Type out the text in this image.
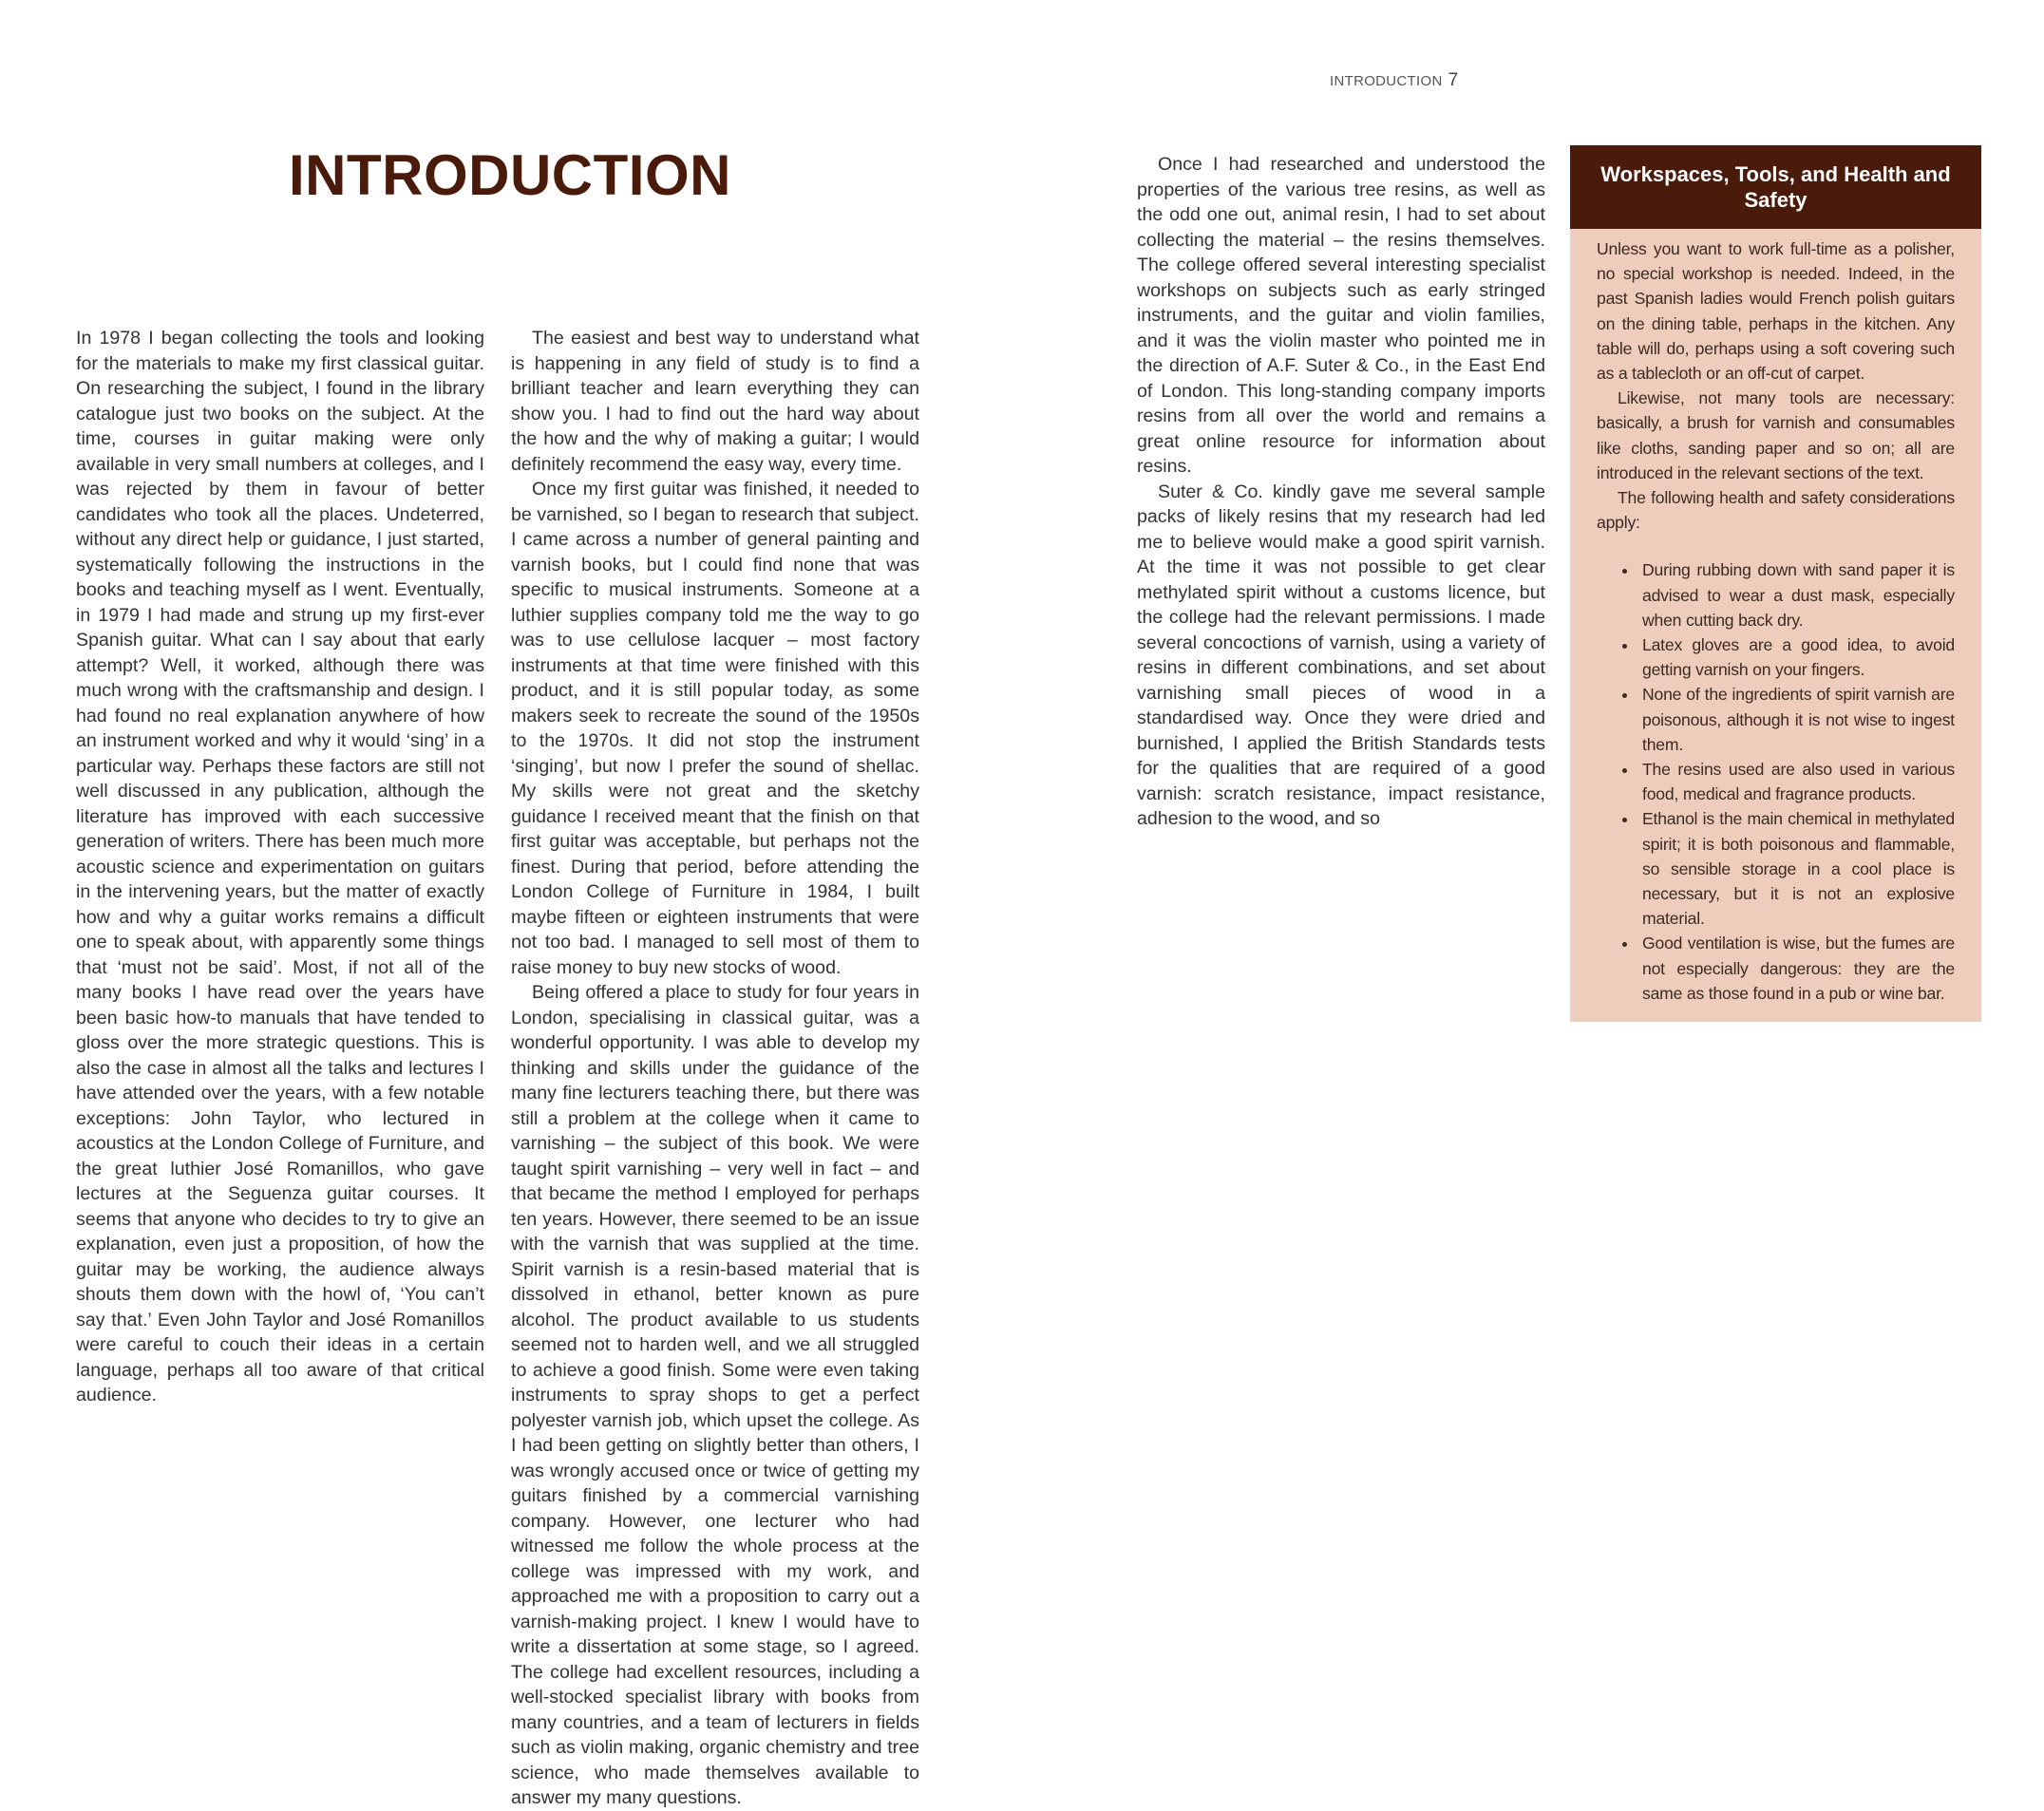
INTRODUCTION 7
INTRODUCTION

In 1978 I began collecting the tools and looking for the materials to make my first classical guitar. On researching the subject, I found in the library catalogue just two books on the subject. At the time, courses in guitar making were only available in very small numbers at colleges, and I was rejected by them in favour of better candidates who took all the places. Undeterred, without any direct help or guidance, I just started, systematically following the instructions in the books and teaching myself as I went. Eventually, in 1979 I had made and strung up my first-ever Spanish guitar. What can I say about that early attempt? Well, it worked, although there was much wrong with the craftsmanship and design. I had found no real explanation anywhere of how an instrument worked and why it would ‘sing’ in a particular way. Perhaps these factors are still not well discussed in any publication, although the literature has improved with each successive generation of writers. There has been much more acoustic science and experimentation on guitars in the intervening years, but the matter of exactly how and why a guitar works remains a difficult one to speak about, with apparently some things that ‘must not be said’. Most, if not all of the many books I have read over the years have been basic how-to manuals that have tended to gloss over the more strategic questions. This is also the case in almost all the talks and lectures I have attended over the years, with a few notable exceptions: John Taylor, who lectured in acoustics at the London College of Furniture, and the great luthier José Romanillos, who gave lectures at the Seguenza guitar courses. It seems that anyone who decides to try to give an explanation, even just a proposition, of how the guitar may be working, the audience always shouts them down with the howl of, ‘You can’t say that.’ Even John Taylor and José Romanillos were careful to couch their ideas in a certain language, perhaps all too aware of that critical audience.

The easiest and best way to understand what is happening in any field of study is to find a brilliant teacher and learn everything they can show you. I had to find out the hard way about the how and the why of making a guitar; I would definitely recommend the easy way, every time.

Once my first guitar was finished, it needed to be varnished, so I began to research that subject. I came across a number of general painting and varnish books, but I could find none that was specific to musical instruments. Someone at a luthier supplies company told me the way to go was to use cellulose lacquer – most factory instruments at that time were finished with this product, and it is still popular today, as some makers seek to recreate the sound of the 1950s to the 1970s. It did not stop the instrument ‘singing’, but now I prefer the sound of shellac. My skills were not great and the sketchy guidance I received meant that the finish on that first guitar was acceptable, but perhaps not the finest. During that period, before attending the London College of Furniture in 1984, I built maybe fifteen or eighteen instruments that were not too bad. I managed to sell most of them to raise money to buy new stocks of wood.

Being offered a place to study for four years in London, specialising in classical guitar, was a wonderful opportunity. I was able to develop my thinking and skills under the guidance of the many fine lecturers teaching there, but there was still a problem at the college when it came to varnishing – the subject of this book. We were taught spirit varnishing – very well in fact – and that became the method I employed for perhaps ten years. However, there seemed to be an issue with the varnish that was supplied at the time. Spirit varnish is a resin-based material that is dissolved in ethanol, better known as pure alcohol. The product available to us students seemed not to harden well, and we all struggled to achieve a good finish. Some were even taking instruments to spray shops to get a perfect polyester varnish job, which upset the college. As I had been getting on slightly better than others, I was wrongly accused once or twice of getting my guitars finished by a commercial varnishing company. However, one lecturer who had witnessed me follow the whole process at the college was impressed with my work, and approached me with a proposition to carry out a varnish-making project. I knew I would have to write a dissertation at some stage, so I agreed. The college had excellent resources, including a well-stocked specialist library with books from many countries, and a team of lecturers in fields such as violin making, organic chemistry and tree science, who made themselves available to answer my many questions.

Once I had researched and understood the properties of the various tree resins, as well as the odd one out, animal resin, I had to set about collecting the material – the resins themselves. The college offered several interesting specialist workshops on subjects such as early stringed instruments, and the guitar and violin families, and it was the violin master who pointed me in the direction of A.F. Suter & Co., in the East End of London. This long-standing company imports resins from all over the world and remains a great online resource for information about resins.

Suter & Co. kindly gave me several sample packs of likely resins that my research had led me to believe would make a good spirit varnish. At the time it was not possible to get clear methylated spirit without a customs licence, but the college had the relevant permissions. I made several concoctions of varnish, using a variety of resins in different combinations, and set about varnishing small pieces of wood in a standardised way. Once they were dried and burnished, I applied the British Standards tests for the qualities that are required of a good varnish: scratch resistance, impact resistance, adhesion to the wood, and so

Workspaces, Tools, and Health and Safety

Unless you want to work full-time as a polisher, no special workshop is needed. Indeed, in the past Spanish ladies would French polish guitars on the dining table, perhaps in the kitchen. Any table will do, perhaps using a soft covering such as a tablecloth or an off-cut of carpet.

Likewise, not many tools are necessary: basically, a brush for varnish and consumables like cloths, sanding paper and so on; all are introduced in the relevant sections of the text.

The following health and safety considerations apply:

• During rubbing down with sand paper it is advised to wear a dust mask, especially when cutting back dry.
• Latex gloves are a good idea, to avoid getting varnish on your fingers.
• None of the ingredients of spirit varnish are poisonous, although it is not wise to ingest them.
• The resins used are also used in various food, medical and fragrance products.
• Ethanol is the main chemical in methylated spirit; it is both poisonous and flammable, so sensible storage in a cool place is necessary, but it is not an explosive material.
• Good ventilation is wise, but the fumes are not especially dangerous: they are the same as those found in a pub or wine bar.
